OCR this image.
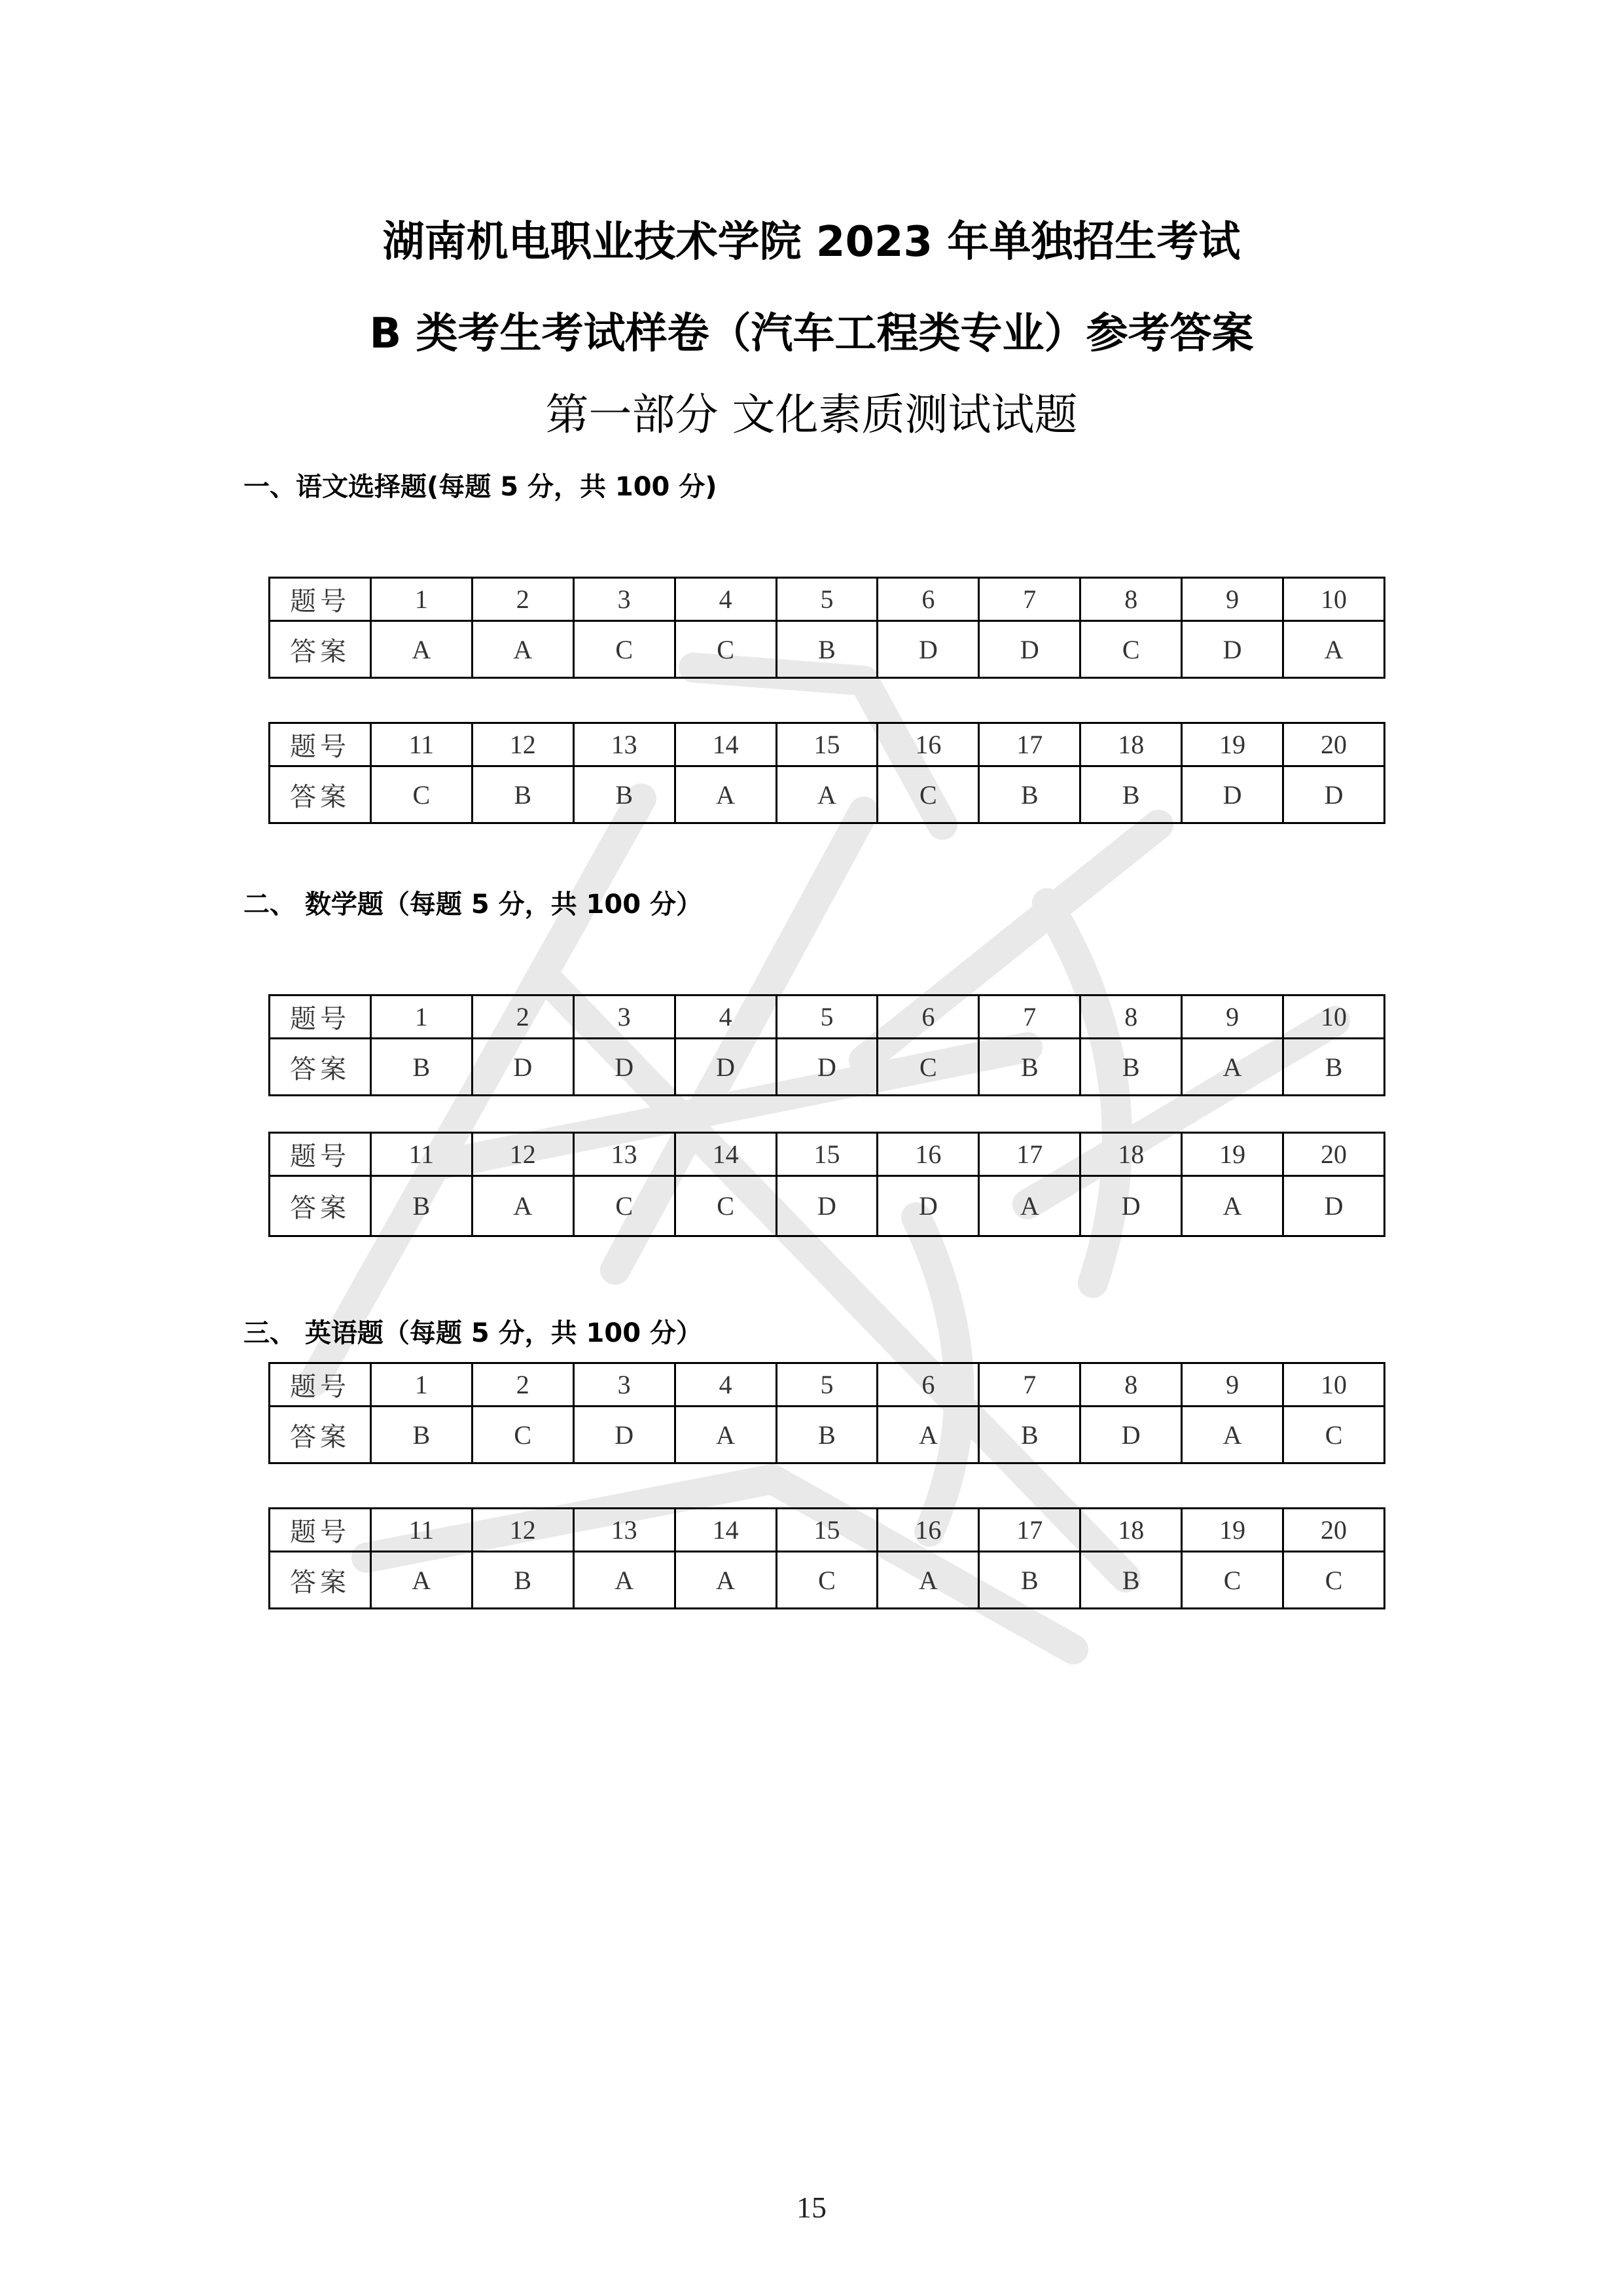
湖南机电职业技术学院 2023 年单独招生考试
B 类考生考试样卷（汽车工程类专业）参考答案
第一部分 文化素质测试试题
一、语文选择题(每题 5 分，共 100 分)
题号	1	2	3	4	5	6	7	8	9	10
答案	A	A	C	C	B	D	D	C	D	A
题号	11	12	13	14	15	16	17	18	19	20
答案	C	B	B	A	A	C	B	B	D	D
二、 数学题（每题 5 分，共 100 分）
题号	1	2	3	4	5	6	7	8	9	10
答案	B	D	D	D	D	C	B	B	A	B
题号	11	12	13	14	15	16	17	18	19	20
答案	B	A	C	C	D	D	A	D	A	D
三、 英语题（每题 5 分，共 100 分）
题号	1	2	3	4	5	6	7	8	9	10
答案	B	C	D	A	B	A	B	D	A	C
题号	11	12	13	14	15	16	17	18	19	20
答案	A	B	A	A	C	A	B	B	C	C
15
